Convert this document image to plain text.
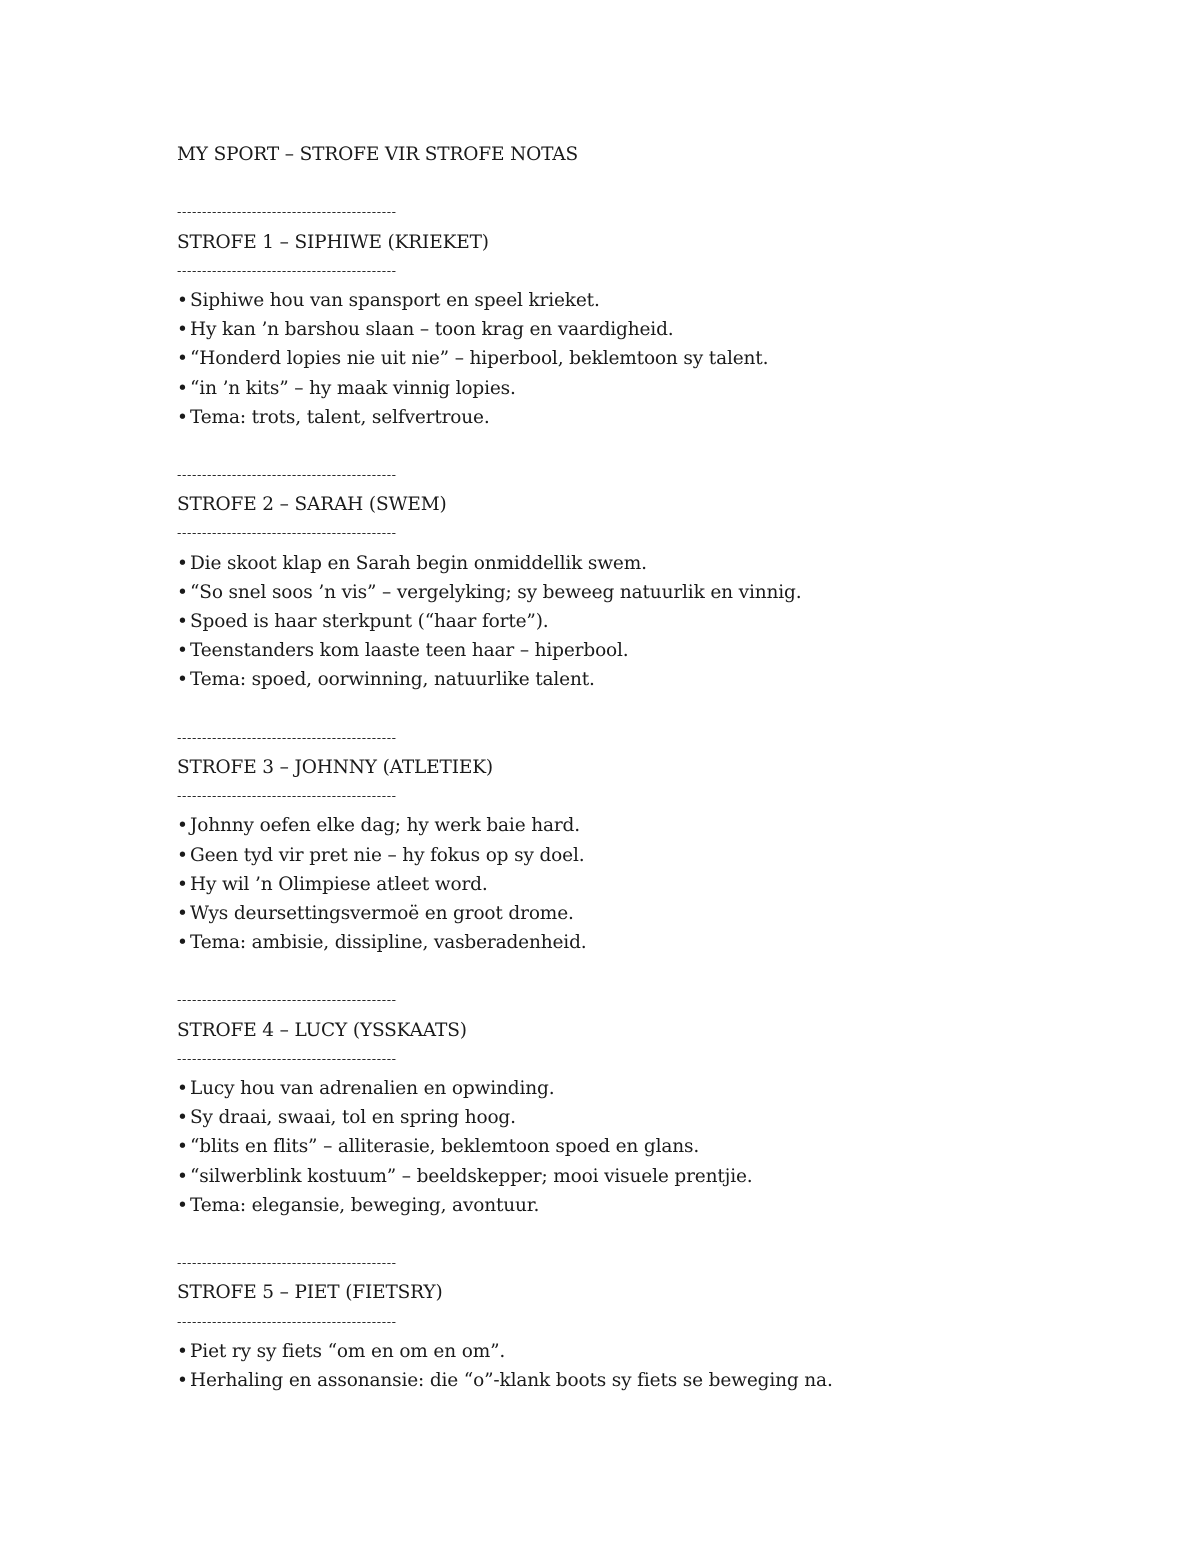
MY SPORT – STROFE VIR STROFE NOTAS
--------------------------------------------
STROFE 1 – SIPHIWE (KRIEKET)
--------------------------------------------
• Siphiwe hou van spansport en speel krieket.
• Hy kan ’n barshou slaan – toon krag en vaardigheid.
• “Honderd lopies nie uit nie” – hiperbool, beklemtoon sy talent.
• “in ’n kits” – hy maak vinnig lopies.
• Tema: trots, talent, selfvertroue.
--------------------------------------------
STROFE 2 – SARAH (SWEM)
--------------------------------------------
• Die skoot klap en Sarah begin onmiddellik swem.
• “So snel soos ’n vis” – vergelyking; sy beweeg natuurlik en vinnig.
• Spoed is haar sterkpunt (“haar forte”).
• Teenstanders kom laaste teen haar – hiperbool.
• Tema: spoed, oorwinning, natuurlike talent.
--------------------------------------------
STROFE 3 – JOHNNY (ATLETIEK)
--------------------------------------------
• Johnny oefen elke dag; hy werk baie hard.
• Geen tyd vir pret nie – hy fokus op sy doel.
• Hy wil ’n Olimpiese atleet word.
• Wys deursettingsvermoë en groot drome.
• Tema: ambisie, dissipline, vasberadenheid.
--------------------------------------------
STROFE 4 – LUCY (YSSKAATS)
--------------------------------------------
• Lucy hou van adrenalien en opwinding.
• Sy draai, swaai, tol en spring hoog.
• “blits en flits” – alliterasie, beklemtoon spoed en glans.
• “silwerblink kostuum” – beeldskepper; mooi visuele prentjie.
• Tema: elegansie, beweging, avontuur.
--------------------------------------------
STROFE 5 – PIET (FIETSRY)
--------------------------------------------
• Piet ry sy fiets “om en om en om”.
• Herhaling en assonansie: die “o”-klank boots sy fiets se beweging na.
